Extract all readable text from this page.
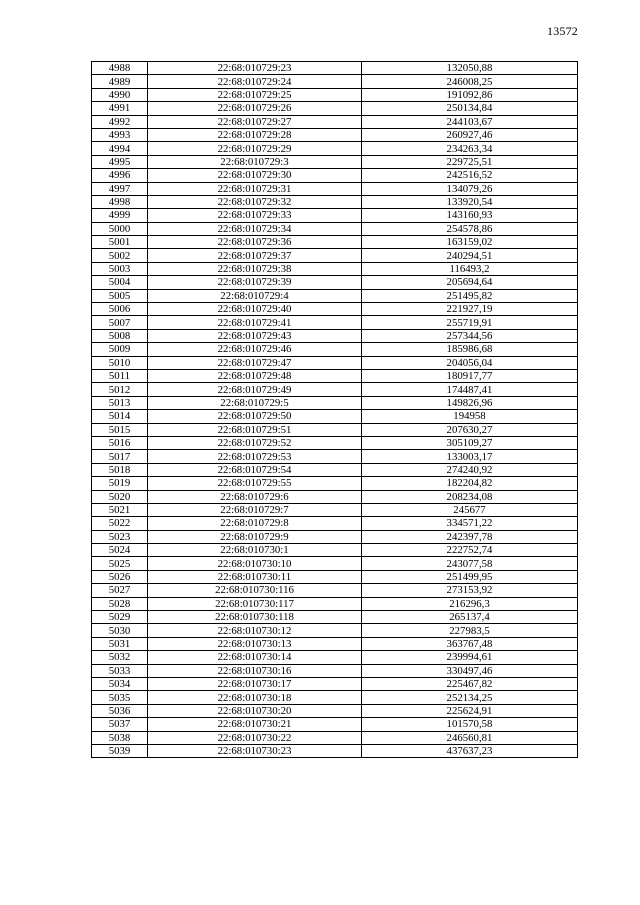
13572
4988	22:68:010729:23	132050,88
4989	22:68:010729:24	246008,25
4990	22:68:010729:25	191092,86
4991	22:68:010729:26	250134,84
4992	22:68:010729:27	244103,67
4993	22:68:010729:28	260927,46
4994	22:68:010729:29	234263,34
4995	22:68:010729:3	229725,51
4996	22:68:010729:30	242516,52
4997	22:68:010729:31	134079,26
4998	22:68:010729:32	133920,54
4999	22:68:010729:33	143160,93
5000	22:68:010729:34	254578,86
5001	22:68:010729:36	163159,02
5002	22:68:010729:37	240294,51
5003	22:68:010729:38	116493,2
5004	22:68:010729:39	205694,64
5005	22:68:010729:4	251495,82
5006	22:68:010729:40	221927,19
5007	22:68:010729:41	255719,91
5008	22:68:010729:43	257344,56
5009	22:68:010729:46	185986,68
5010	22:68:010729:47	204056,04
5011	22:68:010729:48	180917,77
5012	22:68:010729:49	174487,41
5013	22:68:010729:5	149826,96
5014	22:68:010729:50	194958
5015	22:68:010729:51	207630,27
5016	22:68:010729:52	305109,27
5017	22:68:010729:53	133003,17
5018	22:68:010729:54	274240,92
5019	22:68:010729:55	182204,82
5020	22:68:010729:6	208234,08
5021	22:68:010729:7	245677
5022	22:68:010729:8	334571,22
5023	22:68:010729:9	242397,78
5024	22:68:010730:1	222752,74
5025	22:68:010730:10	243077,58
5026	22:68:010730:11	251499,95
5027	22:68:010730:116	273153,92
5028	22:68:010730:117	216296,3
5029	22:68:010730:118	265137,4
5030	22:68:010730:12	227983,5
5031	22:68:010730:13	363767,48
5032	22:68:010730:14	239994,61
5033	22:68:010730:16	330497,46
5034	22:68:010730:17	225467,82
5035	22:68:010730:18	252134,25
5036	22:68:010730:20	225624,91
5037	22:68:010730:21	101570,58
5038	22:68:010730:22	246560,81
5039	22:68:010730:23	437637,23
